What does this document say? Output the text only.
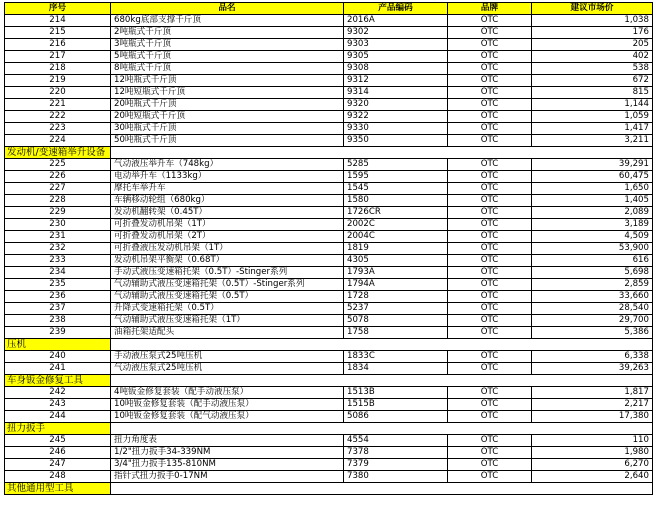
序号	品名	产品编码	品牌	建议市场价
214	680kg底部支撑千斤顶	2016A	OTC	1,038
215	2吨瓶式千斤顶	9302	OTC	176
216	3吨瓶式千斤顶	9303	OTC	205
217	5吨瓶式千斤顶	9305	OTC	402
218	8吨瓶式千斤顶	9308	OTC	538
219	12吨瓶式千斤顶	9312	OTC	672
220	12吨短瓶式千斤顶	9314	OTC	815
221	20吨瓶式千斤顶	9320	OTC	1,144
222	20吨短瓶式千斤顶	9322	OTC	1,059
223	30吨瓶式千斤顶	9330	OTC	1,417
224	50吨瓶式千斤顶	9350	OTC	3,211
发动机/变速箱举升设备				
225	气动液压举升车（748kg）	5285	OTC	39,291
226	电动举升车（1133kg）	1595	OTC	60,475
227	摩托车举升车	1545	OTC	1,650
228	车辆移动轮组（680kg）	1580	OTC	1,405
229	发动机翻转架（0.45T）	1726CR	OTC	2,089
230	可折叠发动机吊架（1T）	2002C	OTC	3,189
231	可折叠发动机吊架（2T）	2004C	OTC	4,509
232	可折叠液压发动机吊架（1T）	1819	OTC	53,900
233	发动机吊架平衡架（0.68T）	4305	OTC	616
234	手动式液压变速箱托架（0.5T）-Stinger系列	1793A	OTC	5,698
235	气动辅助式液压变速箱托架（0.5T）-Stinger系列	1794A	OTC	2,859
236	气动辅助式液压变速箱托架（0.5T）	1728	OTC	33,660
237	升降式变速箱托架（0.5T）	5237	OTC	28,540
238	气动辅助式液压变速箱托架（1T）	5078	OTC	29,700
239	油箱托架适配头	1758	OTC	5,386
压机				
240	手动液压泵式25吨压机	1833C	OTC	6,338
241	气动液压泵式25吨压机	1834	OTC	39,263
车身钣金修复工具				
242	4吨钣金修复套装（配手动液压泵）	1513B	OTC	1,817
243	10吨钣金修复套装（配手动液压泵）	1515B	OTC	2,217
244	10吨钣金修复套装（配气动液压泵）	5086	OTC	17,380
扭力扳手				
245	扭力角度表	4554	OTC	110
246	1/2"扭力扳手34-339NM	7378	OTC	1,980
247	3/4"扭力扳手135-810NM	7379	OTC	6,270
248	指针式扭力扳手0-17NM	7380	OTC	2,640
其他通用型工具				
